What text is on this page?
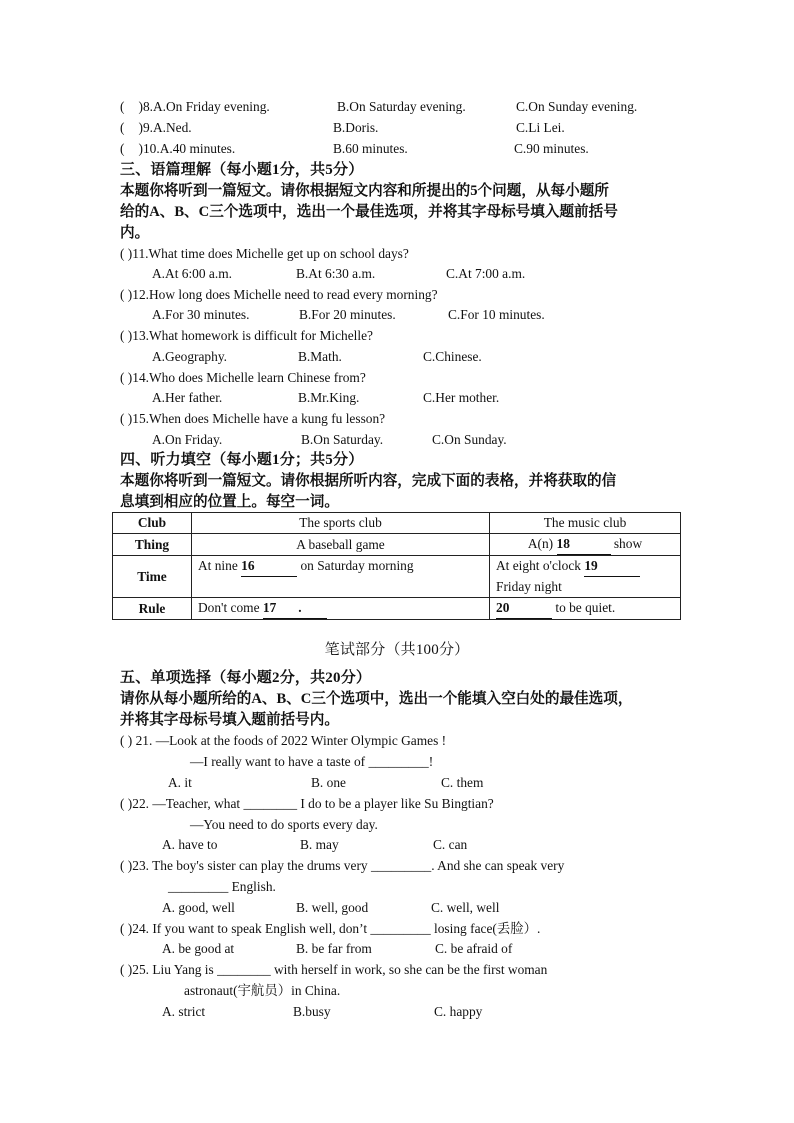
( )8.A.On Friday evening.	B.On Saturday evening.	C.On Sunday evening.
( )9.A.Ned.	B.Doris.	C.Li Lei.
( )10.A.40 minutes.	B.60 minutes.	C.90 minutes.
三、语篇理解（每小题1分，共5分）
本题你将听到一篇短文。请你根据短文内容和所提出的5个问题，从每小题所
给的A、B、C三个选项中，选出一个最佳选项，并将其字母标号填入题前括号
内。
( )11.What time does Michelle get up on school days?
A.At 6:00 a.m.	B.At 6:30 a.m.	C.At 7:00 a.m.
( )12.How long does Michelle need to read every morning?
A.For 30 minutes.	B.For 20 minutes.	C.For 10 minutes.
( )13.What homework is difficult for Michelle?
A.Geography.	B.Math.	C.Chinese.
( )14.Who does Michelle learn Chinese from?
A.Her father.	B.Mr.King.	C.Her mother.
( )15.When does Michelle have a kung fu lesson?
A.On Friday.	B.On Saturday.	C.On Sunday.
四、听力填空（每小题1分；共5分）
本题你将听到一篇短文。请你根据所听内容，完成下面的表格，并将获取的信
息填到相应的位置上。每空一词。
Club	The sports club	The music club
Thing	A baseball game	A(n) 18 show
Time	At nine 16 on Saturday morning	At eight o'clock 19
Friday night

Rule	Don't come 17 .	20 to be quiet.
笔试部分（共100分）
五、单项选择（每小题2分，共20分）
请你从每小题所给的A、B、C三个选项中，选出一个能填入空白处的最佳选项，
并将其字母标号填入题前括号内。
( ) 21. —Look at the foods of 2022 Winter Olympic Games !
—I really want to have a taste of _________!
A. it	B. one	C. them
( )22. —Teacher, what ________ I do to be a player like Su Bingtian?
—You need to do sports every day.
A. have to	B. may	C. can
( )23. The boy's sister can play the drums very _________. And she can speak very
_________ English.
A. good, well	B. well, good	C. well, well
( )24. If you want to speak English well, don’t _________ losing face(丢脸）.
A. be good at	B. be far from	C. be afraid of
( )25. Liu Yang is ________ with herself in work, so she can be the first woman
astronaut(宇航员）in China.
A. strict	B.busy	C. happy
